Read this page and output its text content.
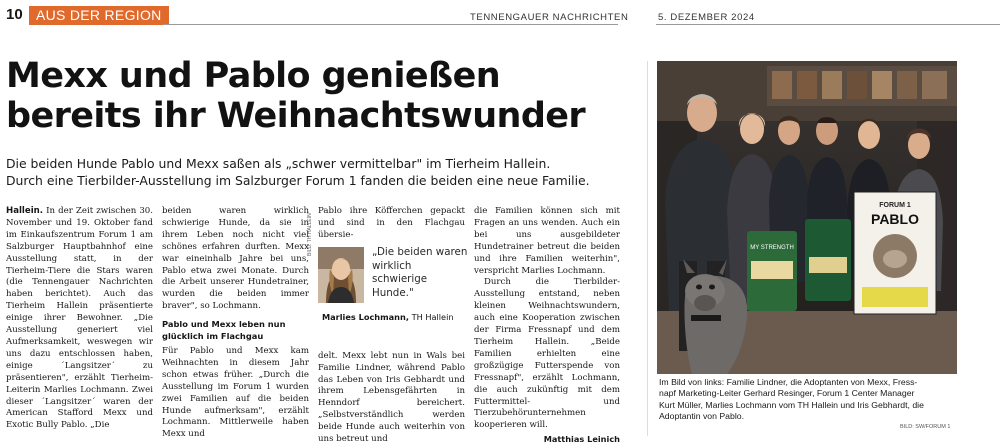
10 AUS DER REGION	TENNENGAUER NACHRICHTEN	5. DEZEMBER 2024
Mexx und Pablo genießen
bereits ihr Weihnachtswunder
Die beiden Hunde Pablo und Mexx saßen als „schwer vermittelbar" im Tierheim Hallein.
Durch eine Tierbilder-Ausstellung im Salzburger Forum 1 fanden die beiden eine neue Familie.

Hallein. In der Zeit zwischen 30. November und 19. Oktober fand im Einkaufszentrum Forum 1 am Salzburger Hauptbahnhof eine Ausstellung statt, in der Tierheim-Tiere die Stars waren (die Tennengauer Nachrichten haben berichtet). Auch das Tierheim Hallein präsentierte einige ihrer Bewohner. „Die Ausstellung generiert viel Aufmerksamkeit, weswegen wir uns dazu entschlossen haben, einige ´Langsitzer´ zu präsentieren", erzählt Tierheim-Leiterin Marlies Lochmann. Zwei dieser ´Langsitzer´ waren der American Stafford Mexx und Exotic Bully Pablo. „Die

beiden waren wirklich schwierige Hunde, da sie in ihrem Leben noch nicht viel schönes erfahren durften. Mexx war eineinhalb Jahre bei uns, Pablo etwa zwei Monate. Durch die Arbeit unserer Hundetrainer, wurden die beiden immer braver", so Lochmann.

Pablo und Mexx leben nun glücklich im Flachgau

Für Pablo und Mexx kam Weihnachten in diesem Jahr schon etwas früher. „Durch die Ausstellung im Forum 1 wurden zwei Familien auf die beiden Hunde aufmerksam", erzählt Lochmann. Mittlerweile haben Mexx und

Pablo ihre Köfferchen gepackt und sind in den Flachgau übersie-

delt. Mexx lebt nun in Wals bei Familie Lindner, während Pablo das Leben von Iris Gebhardt und ihrem Lebensgefährten in Henndorf bereichert. „Selbstverständlich werden beide Hunde auch weiterhin von uns betreut und

BILD: TH HALLEIN	„Die beiden waren wirklich schwierige Hunde."
Marlies Lochmann, TH Hallein

die Familien können sich mit Fragen an uns wenden. Auch ein bei uns ausgebildeter Hundetrainer betreut die beiden und ihre Familien weiterhin", verspricht Marlies Lochmann.

Durch die Tierbilder-Ausstellung entstand, neben kleinen Weihnachtswundern, auch eine Kooperation zwischen der Firma Fressnapf und dem Tierheim Hallein. „Beide Familien erhielten eine großzügige Futterspende von Fressnapf", erzählt Lochmann, die auch zukünftig mit dem Futtermittel- und Tierzubehörunternehmen kooperieren will.

Matthias Leinich
MY STRENGTH
FORUM 1
PABLO
Im Bild von links: Familie Lindner, die Adoptanten von Mexx, Fress-
napf Marketing-Leiter Gerhard Resinger, Forum 1 Center Manager
Kurt Müller, Marlies Lochmann vom TH Hallein und Iris Gebhardt, die
Adoptantin von Pablo.
BILD: SW/FORUM 1
